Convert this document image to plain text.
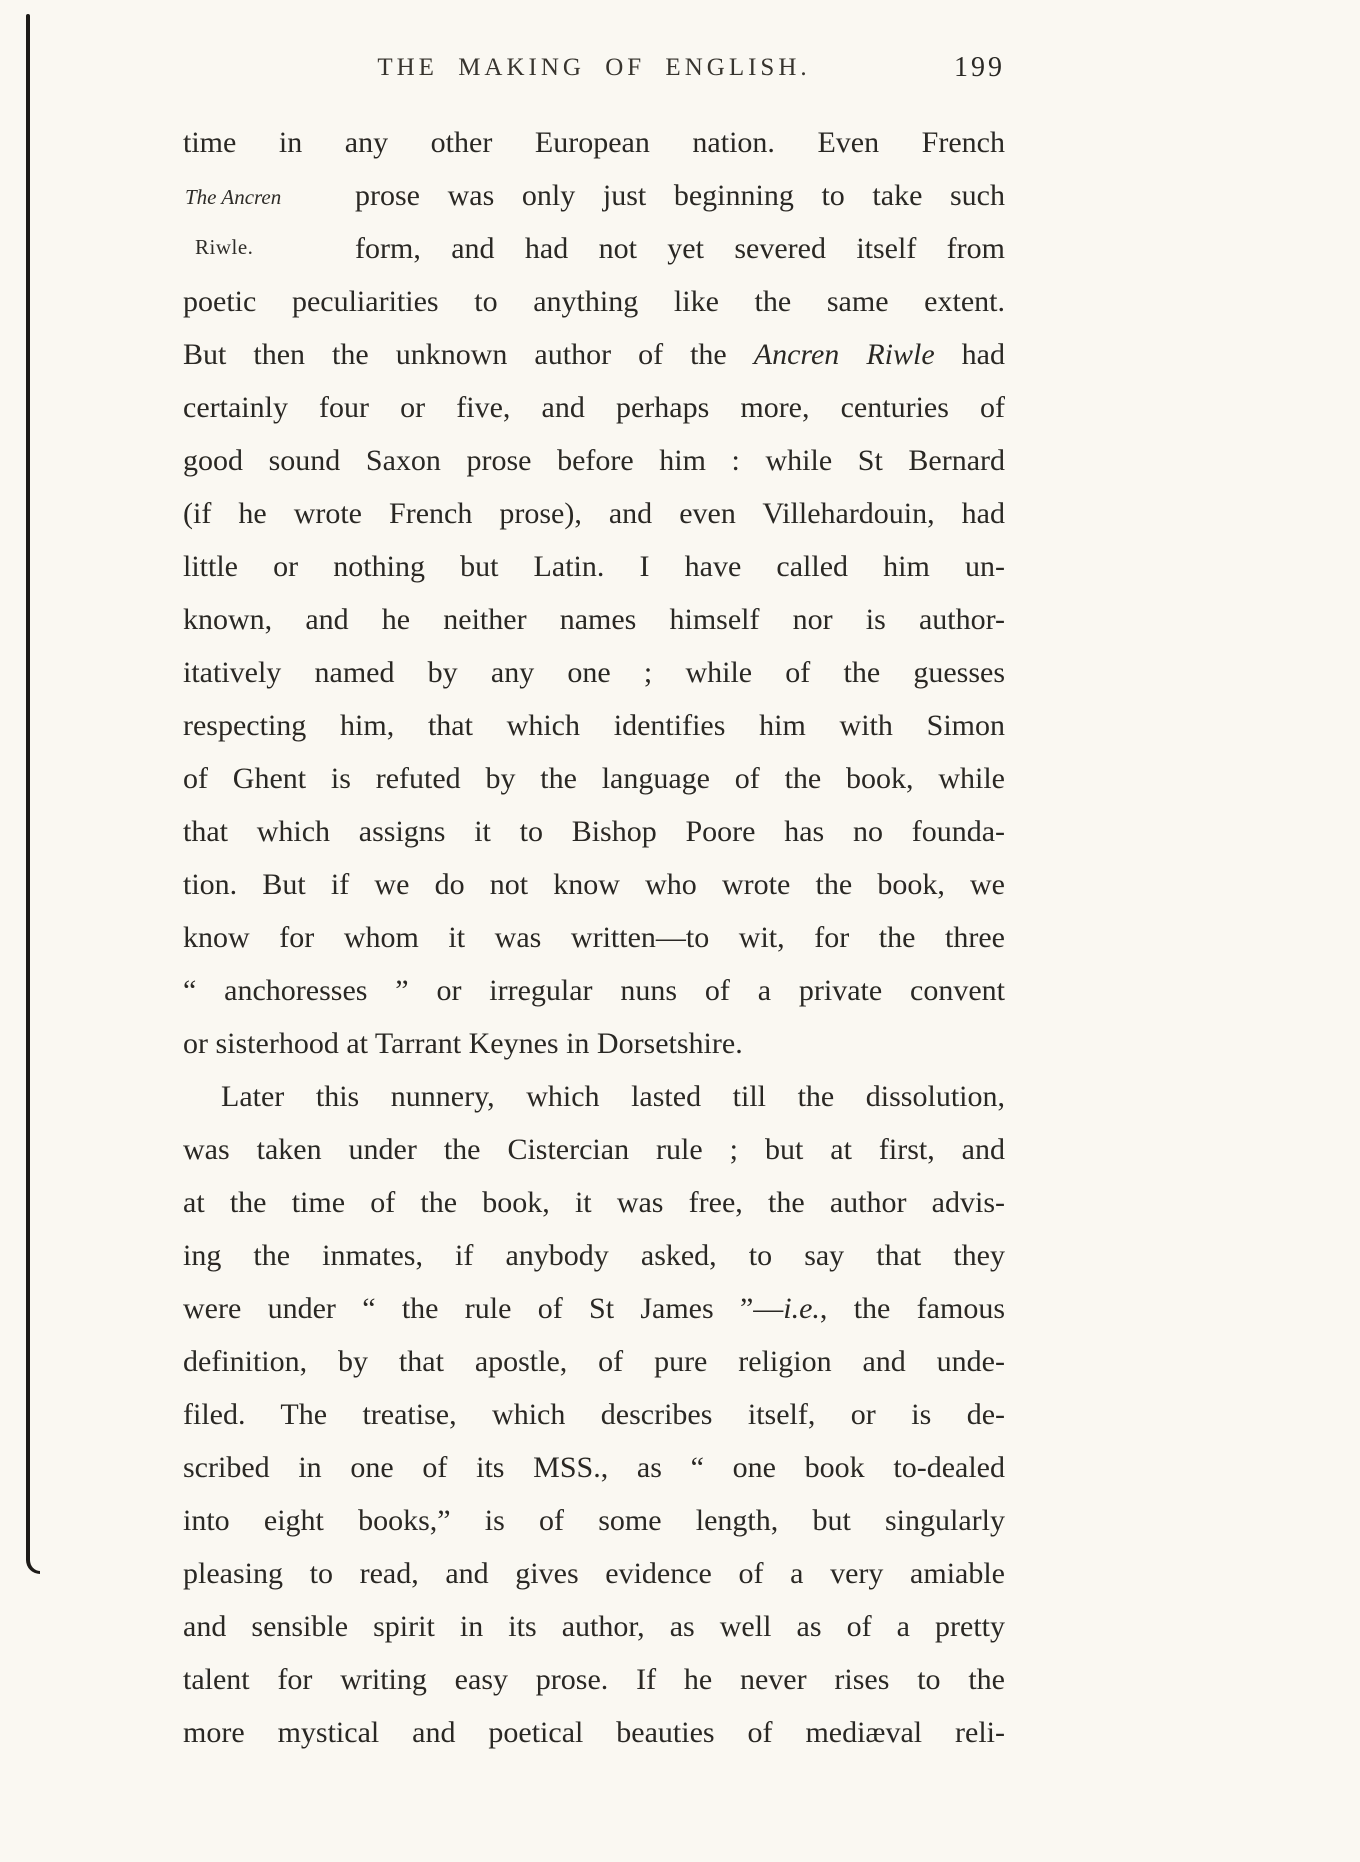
THE MAKING OF ENGLISH.	199
The Ancren
Riwle.
time in any other European nation. Even French
prose was only just beginning to take such
form, and had not yet severed itself from
poetic peculiarities to anything like the same extent.
But then the unknown author of the Ancren Riwle had
certainly four or five, and perhaps more, centuries of
good sound Saxon prose before him : while St Bernard
(if he wrote French prose), and even Villehardouin, had
little or nothing but Latin. I have called him un-
known, and he neither names himself nor is author-
itatively named by any one ; while of the guesses
respecting him, that which identifies him with Simon
of Ghent is refuted by the language of the book, while
that which assigns it to Bishop Poore has no founda-
tion. But if we do not know who wrote the book, we
know for whom it was written—to wit, for the three
“ anchoresses ” or irregular nuns of a private convent
or sisterhood at Tarrant Keynes in Dorsetshire.
Later this nunnery, which lasted till the dissolution,
was taken under the Cistercian rule ; but at first, and
at the time of the book, it was free, the author advis-
ing the inmates, if anybody asked, to say that they
were under “ the rule of St James ”—i.e., the famous
definition, by that apostle, of pure religion and unde-
filed. The treatise, which describes itself, or is de-
scribed in one of its MSS., as “ one book to-dealed
into eight books,” is of some length, but singularly
pleasing to read, and gives evidence of a very amiable
and sensible spirit in its author, as well as of a pretty
talent for writing easy prose. If he never rises to the
more mystical and poetical beauties of mediæval reli-
